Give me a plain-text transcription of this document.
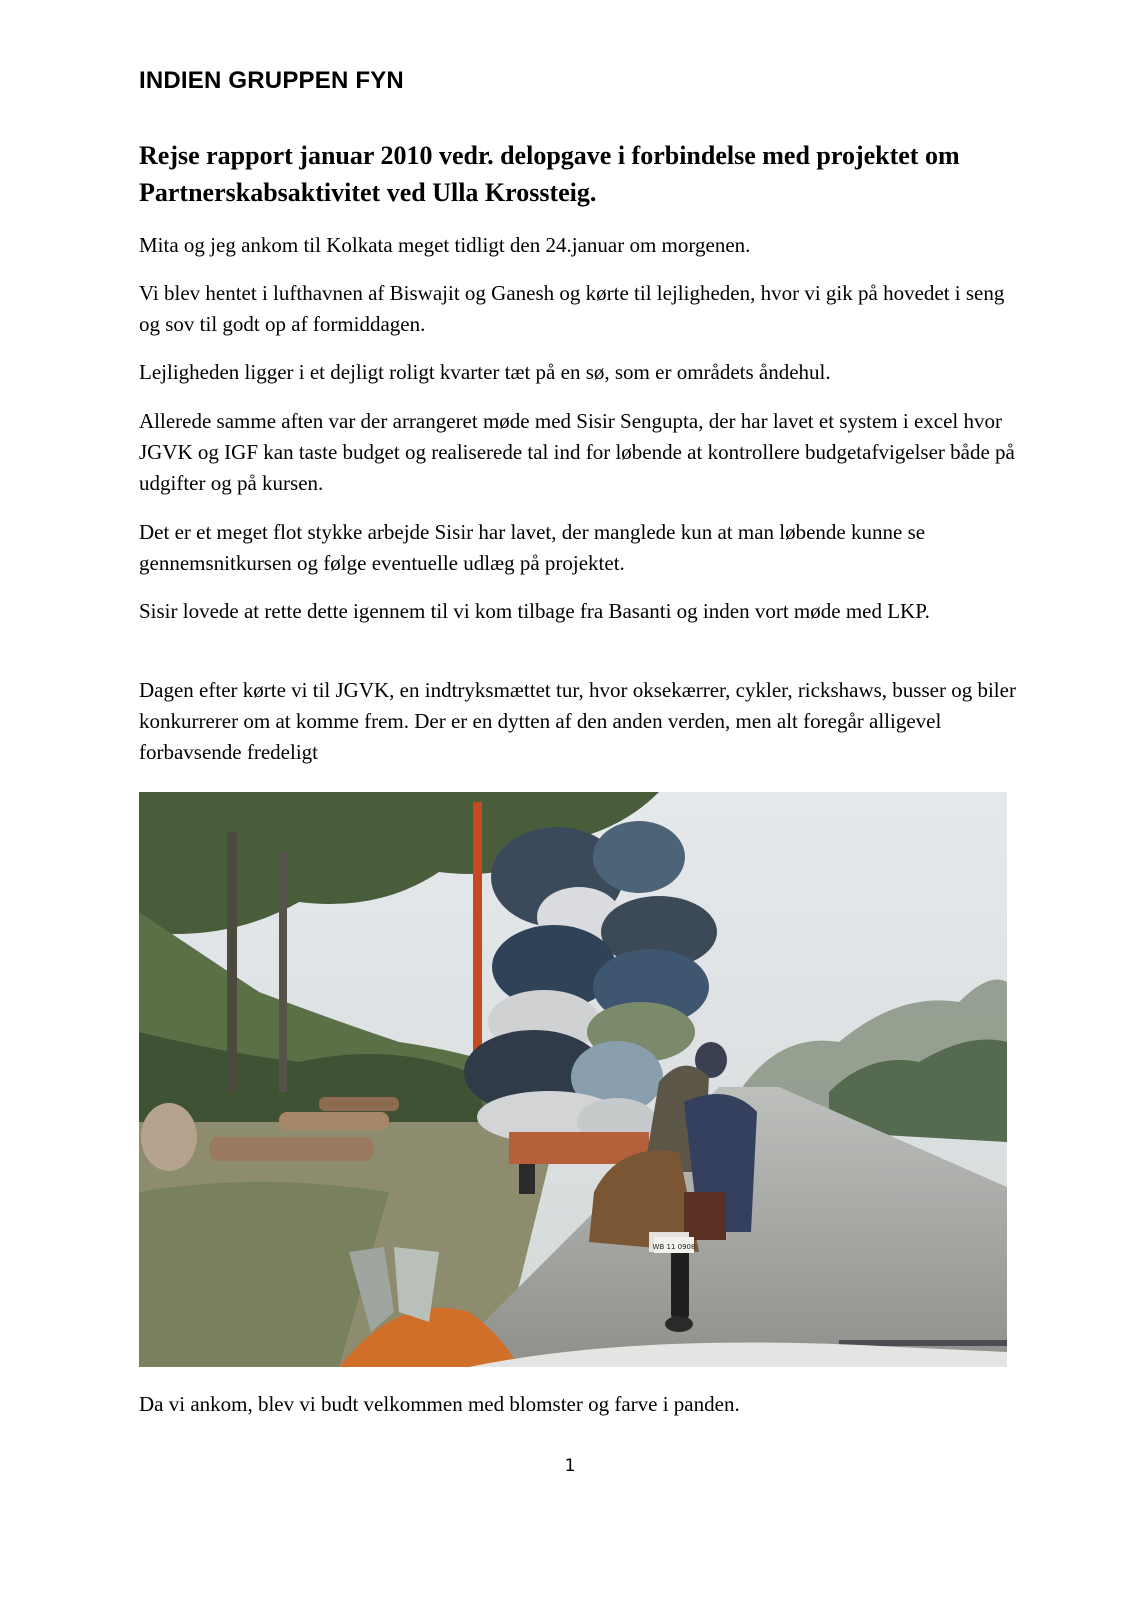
INDIEN GRUPPEN FYN
Rejse rapport januar 2010 vedr. delopgave i forbindelse med projektet om Partnerskabsaktivitet ved Ulla Krossteig.
Mita og jeg ankom til Kolkata meget tidligt den 24.januar om morgenen.
Vi blev hentet i lufthavnen af Biswajit og Ganesh og kørte til lejligheden, hvor vi gik på hovedet i seng og sov til godt op af formiddagen.
Lejligheden ligger i et dejligt roligt kvarter tæt på en sø, som er områdets åndehul.
Allerede samme aften var der arrangeret møde med Sisir Sengupta, der har lavet et system i excel hvor JGVK og IGF kan taste budget og realiserede tal ind for løbende at kontrollere budgetafvigelser både på udgifter og på kursen.
Det er et meget flot stykke arbejde Sisir har lavet, der manglede kun at man løbende kunne se gennemsnitkursen og følge eventuelle udlæg på projektet.
Sisir lovede at rette dette igennem til vi kom tilbage fra Basanti og inden vort møde med LKP.
Dagen efter kørte vi til JGVK, en indtryksmættet tur, hvor oksekærrer, cykler, rickshaws, busser og biler konkurrerer om at komme frem. Der er en dytten af den anden verden, men alt foregår alligevel forbavsende fredeligt
WB 11 0908
Da vi ankom, blev vi budt velkommen med blomster og farve i panden.
1
